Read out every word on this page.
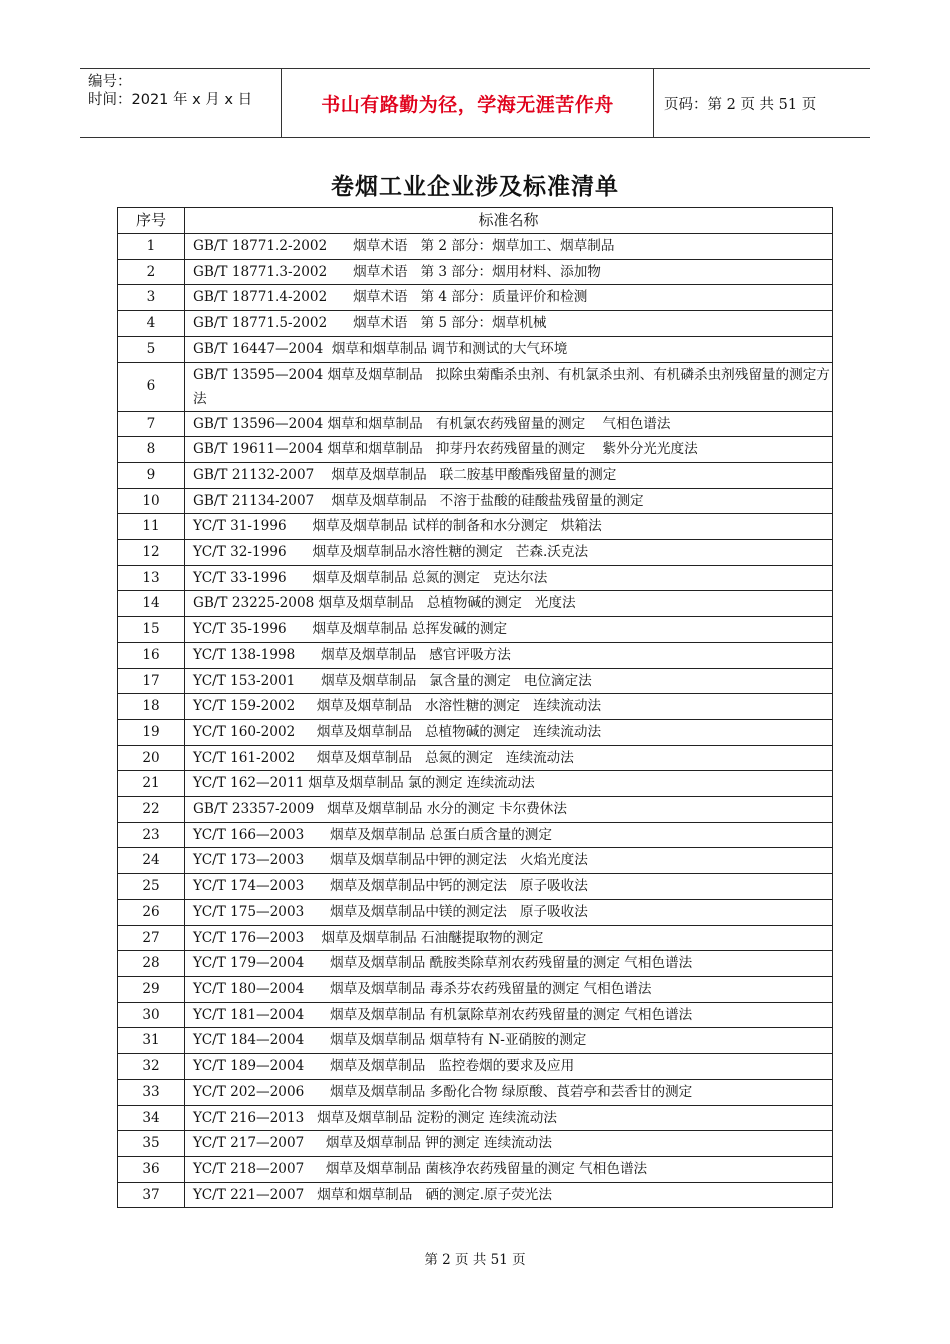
编号：
时间：2021 年 x 月 x 日	书山有路勤为径，学海无涯苦作舟	页码：第 2 页 共 51 页
卷烟工业企业涉及标准清单
序号	标准名称
1	GB/T 18771.2-2002      烟草术语   第 2 部分：烟草加工、烟草制品
2	GB/T 18771.3-2002      烟草术语   第 3 部分：烟用材料、添加物
3	GB/T 18771.4-2002      烟草术语   第 4 部分：质量评价和检测
4	GB/T 18771.5-2002      烟草术语   第 5 部分：烟草机械
5	GB/T 16447—2004  烟草和烟草制品 调节和测试的大气环境
6	GB/T 13595—2004 烟草及烟草制品   拟除虫菊酯杀虫剂、有机氯杀虫剂、有机磷杀虫剂残留量的测定方法
7	GB/T 13596—2004 烟草和烟草制品   有机氯农药残留量的测定    气相色谱法
8	GB/T 19611—2004 烟草和烟草制品   抑芽丹农药残留量的测定    紫外分光光度法
9	GB/T 21132-2007    烟草及烟草制品   联二胺基甲酸酯残留量的测定
10	GB/T 21134-2007    烟草及烟草制品   不溶于盐酸的硅酸盐残留量的测定
11	YC/T 31-1996      烟草及烟草制品 试样的制备和水分测定   烘箱法
12	YC/T 32-1996      烟草及烟草制品水溶性糖的测定   芒森.沃克法
13	YC/T 33-1996      烟草及烟草制品 总氮的测定   克达尔法
14	GB/T 23225-2008 烟草及烟草制品   总植物碱的测定   光度法
15	YC/T 35-1996      烟草及烟草制品 总挥发碱的测定
16	YC/T 138-1998      烟草及烟草制品   感官评吸方法
17	YC/T 153-2001      烟草及烟草制品   氯含量的测定   电位滴定法
18	YC/T 159-2002     烟草及烟草制品   水溶性糖的测定   连续流动法
19	YC/T 160-2002     烟草及烟草制品   总植物碱的测定   连续流动法
20	YC/T 161-2002     烟草及烟草制品   总氮的测定   连续流动法
21	YC/T 162—2011 烟草及烟草制品 氯的测定 连续流动法
22	GB/T 23357-2009   烟草及烟草制品 水分的测定 卡尔费休法
23	YC/T 166—2003      烟草及烟草制品 总蛋白质含量的测定
24	YC/T 173—2003      烟草及烟草制品中钾的测定法   火焰光度法
25	YC/T 174—2003      烟草及烟草制品中钙的测定法   原子吸收法
26	YC/T 175—2003      烟草及烟草制品中镁的测定法   原子吸收法
27	YC/T 176—2003    烟草及烟草制品 石油醚提取物的测定
28	YC/T 179—2004      烟草及烟草制品 酰胺类除草剂农药残留量的测定 气相色谱法
29	YC/T 180—2004      烟草及烟草制品 毒杀芬农药残留量的测定 气相色谱法
30	YC/T 181—2004      烟草及烟草制品 有机氯除草剂农药残留量的测定 气相色谱法
31	YC/T 184—2004      烟草及烟草制品 烟草特有 N-亚硝胺的测定
32	YC/T 189—2004      烟草及烟草制品   监控卷烟的要求及应用
33	YC/T 202—2006      烟草及烟草制品 多酚化合物 绿原酸、莨菪亭和芸香甘的测定
34	YC/T 216—2013   烟草及烟草制品 淀粉的测定 连续流动法
35	YC/T 217—2007     烟草及烟草制品 钾的测定 连续流动法
36	YC/T 218—2007     烟草及烟草制品 菌核净农药残留量的测定 气相色谱法
37	YC/T 221—2007   烟草和烟草制品   硒的测定.原子荧光法
第 2 页 共 51 页
